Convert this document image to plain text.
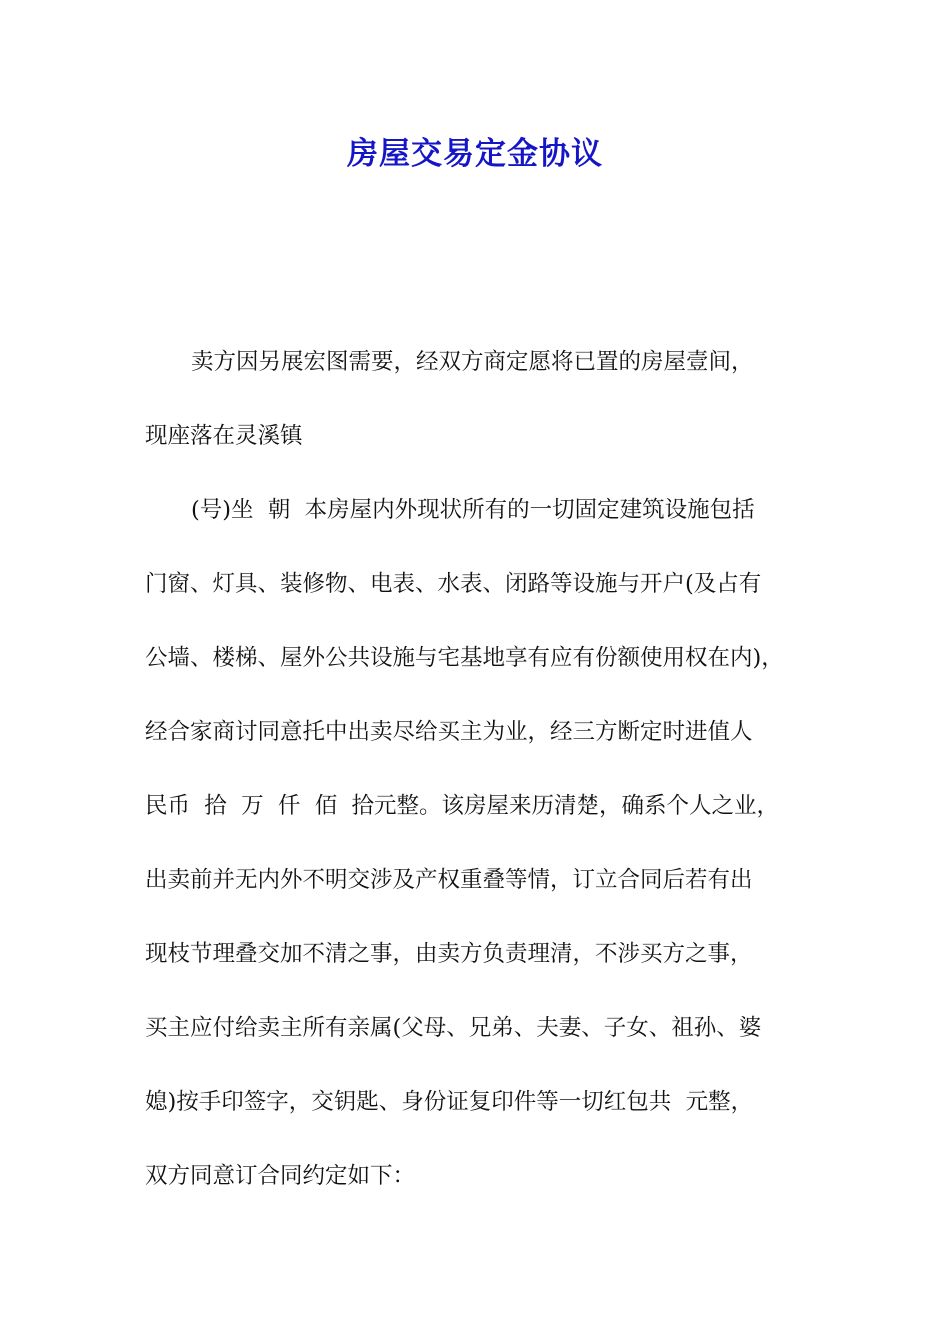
房屋交易定金协议
卖方因另展宏图需要，经双方商定愿将已置的房屋壹间，
现座落在灵溪镇
(号)坐  朝  本房屋内外现状所有的一切固定建筑设施包括
门窗、灯具、装修物、电表、水表、闭路等设施与开户(及占有
公墙、楼梯、屋外公共设施与宅基地享有应有份额使用权在内)，
经合家商讨同意托中出卖尽给买主为业，经三方断定时进值人
民币  拾  万  仟  佰  拾元整。该房屋来历清楚，确系个人之业，
出卖前并无内外不明交涉及产权重叠等情，订立合同后若有出
现枝节理叠交加不清之事，由卖方负责理清，不涉买方之事，
买主应付给卖主所有亲属(父母、兄弟、夫妻、子女、祖孙、婆
媳)按手印签字，交钥匙、身份证复印件等一切红包共  元整，
双方同意订合同约定如下：
